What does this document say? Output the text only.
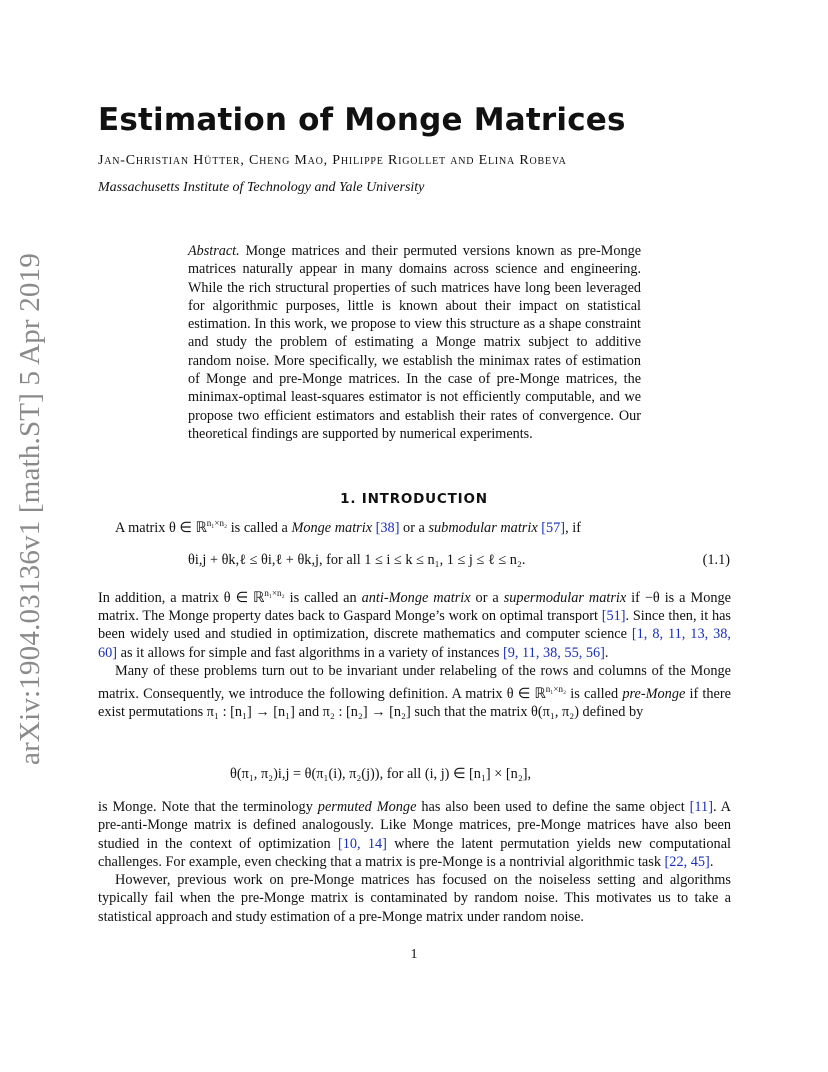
arXiv:1904.03136v1 [math.ST] 5 Apr 2019
Estimation of Monge Matrices
Jan-Christian Hütter, Cheng Mao, Philippe Rigollet and Elina Robeva
Massachusetts Institute of Technology and Yale University
Abstract. Monge matrices and their permuted versions known as pre-Monge matrices naturally appear in many domains across science and engineering. While the rich structural properties of such matrices have long been leveraged for algorithmic purposes, little is known about their impact on statistical estimation. In this work, we propose to view this structure as a shape constraint and study the problem of estimating a Monge matrix subject to additive random noise. More specifically, we establish the minimax rates of estimation of Monge and pre-Monge matrices. In the case of pre-Monge matrices, the minimax-optimal least-squares estimator is not efficiently computable, and we propose two efficient estimators and establish their rates of convergence. Our theoretical findings are supported by numerical experiments.
1. INTRODUCTION

A matrix θ ∈ ℝ$^{n_1\times n_2}$ is called a Monge matrix [38] or a submodular matrix [57], if

θi,j + θk,ℓ ≤ θi,ℓ + θk,j, for all 1 ≤ i ≤ k ≤ n₁, 1 ≤ j ≤ ℓ ≤ n₂.	(1.1)

In addition, a matrix θ ∈ ℝ$^{n_1\times n_2}$ is called an anti-Monge matrix or a supermodular matrix if −θ is a Monge matrix. The Monge property dates back to Gaspard Monge’s work on optimal transport [51]. Since then, it has been widely used and studied in optimization, discrete mathematics and computer science [1, 8, 11, 13, 38, 60] as it allows for simple and fast algorithms in a variety of instances [9, 11, 38, 55, 56].

Many of these problems turn out to be invariant under relabeling of the rows and columns of the Monge matrix. Consequently, we introduce the following definition. A matrix θ ∈ ℝ$^{n_1\times n_2}$ is called pre-Monge if there exist permutations π₁ : [n₁] → [n₁] and π₂ : [n₂] → [n₂] such that the matrix θ(π₁, π₂) defined by

θ(π₁, π₂)i,j = θ(π₁(i), π₂(j)), for all (i, j) ∈ [n₁] × [n₂],

is Monge. Note that the terminology permuted Monge has also been used to define the same object [11]. A pre-anti-Monge matrix is defined analogously. Like Monge matrices, pre-Monge matrices have also been studied in the context of optimization [10, 14] where the latent permutation yields new computational challenges. For example, even checking that a matrix is pre-Monge is a nontrivial algorithmic task [22, 45].

However, previous work on pre-Monge matrices has focused on the noiseless setting and algorithms typically fail when the pre-Monge matrix is contaminated by random noise. This motivates us to take a statistical approach and study estimation of a pre-Monge matrix under random noise.

1
